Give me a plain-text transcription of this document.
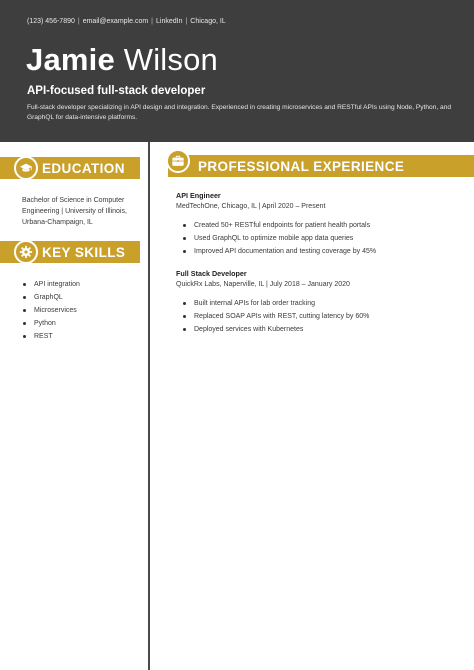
(123) 456-7890 | email@example.com | LinkedIn | Chicago, IL
Jamie Wilson
API-focused full-stack developer
Full-stack developer specializing in API design and integration. Experienced in creating microservices and RESTful APIs using Node, Python, and GraphQL for data-intensive platforms.
EDUCATION
Bachelor of Science in Computer Engineering | University of Illinois, Urbana-Champaign, IL
KEY SKILLS
API integration
GraphQL
Microservices
Python
REST
PROFESSIONAL EXPERIENCE
API Engineer
MedTechOne, Chicago, IL | April 2020 – Present
Created 50+ RESTful endpoints for patient health portals
Used GraphQL to optimize mobile app data queries
Improved API documentation and testing coverage by 45%
Full Stack Developer
QuickRx Labs, Naperville, IL | July 2018 – January 2020
Built internal APIs for lab order tracking
Replaced SOAP APIs with REST, cutting latency by 60%
Deployed services with Kubernetes
